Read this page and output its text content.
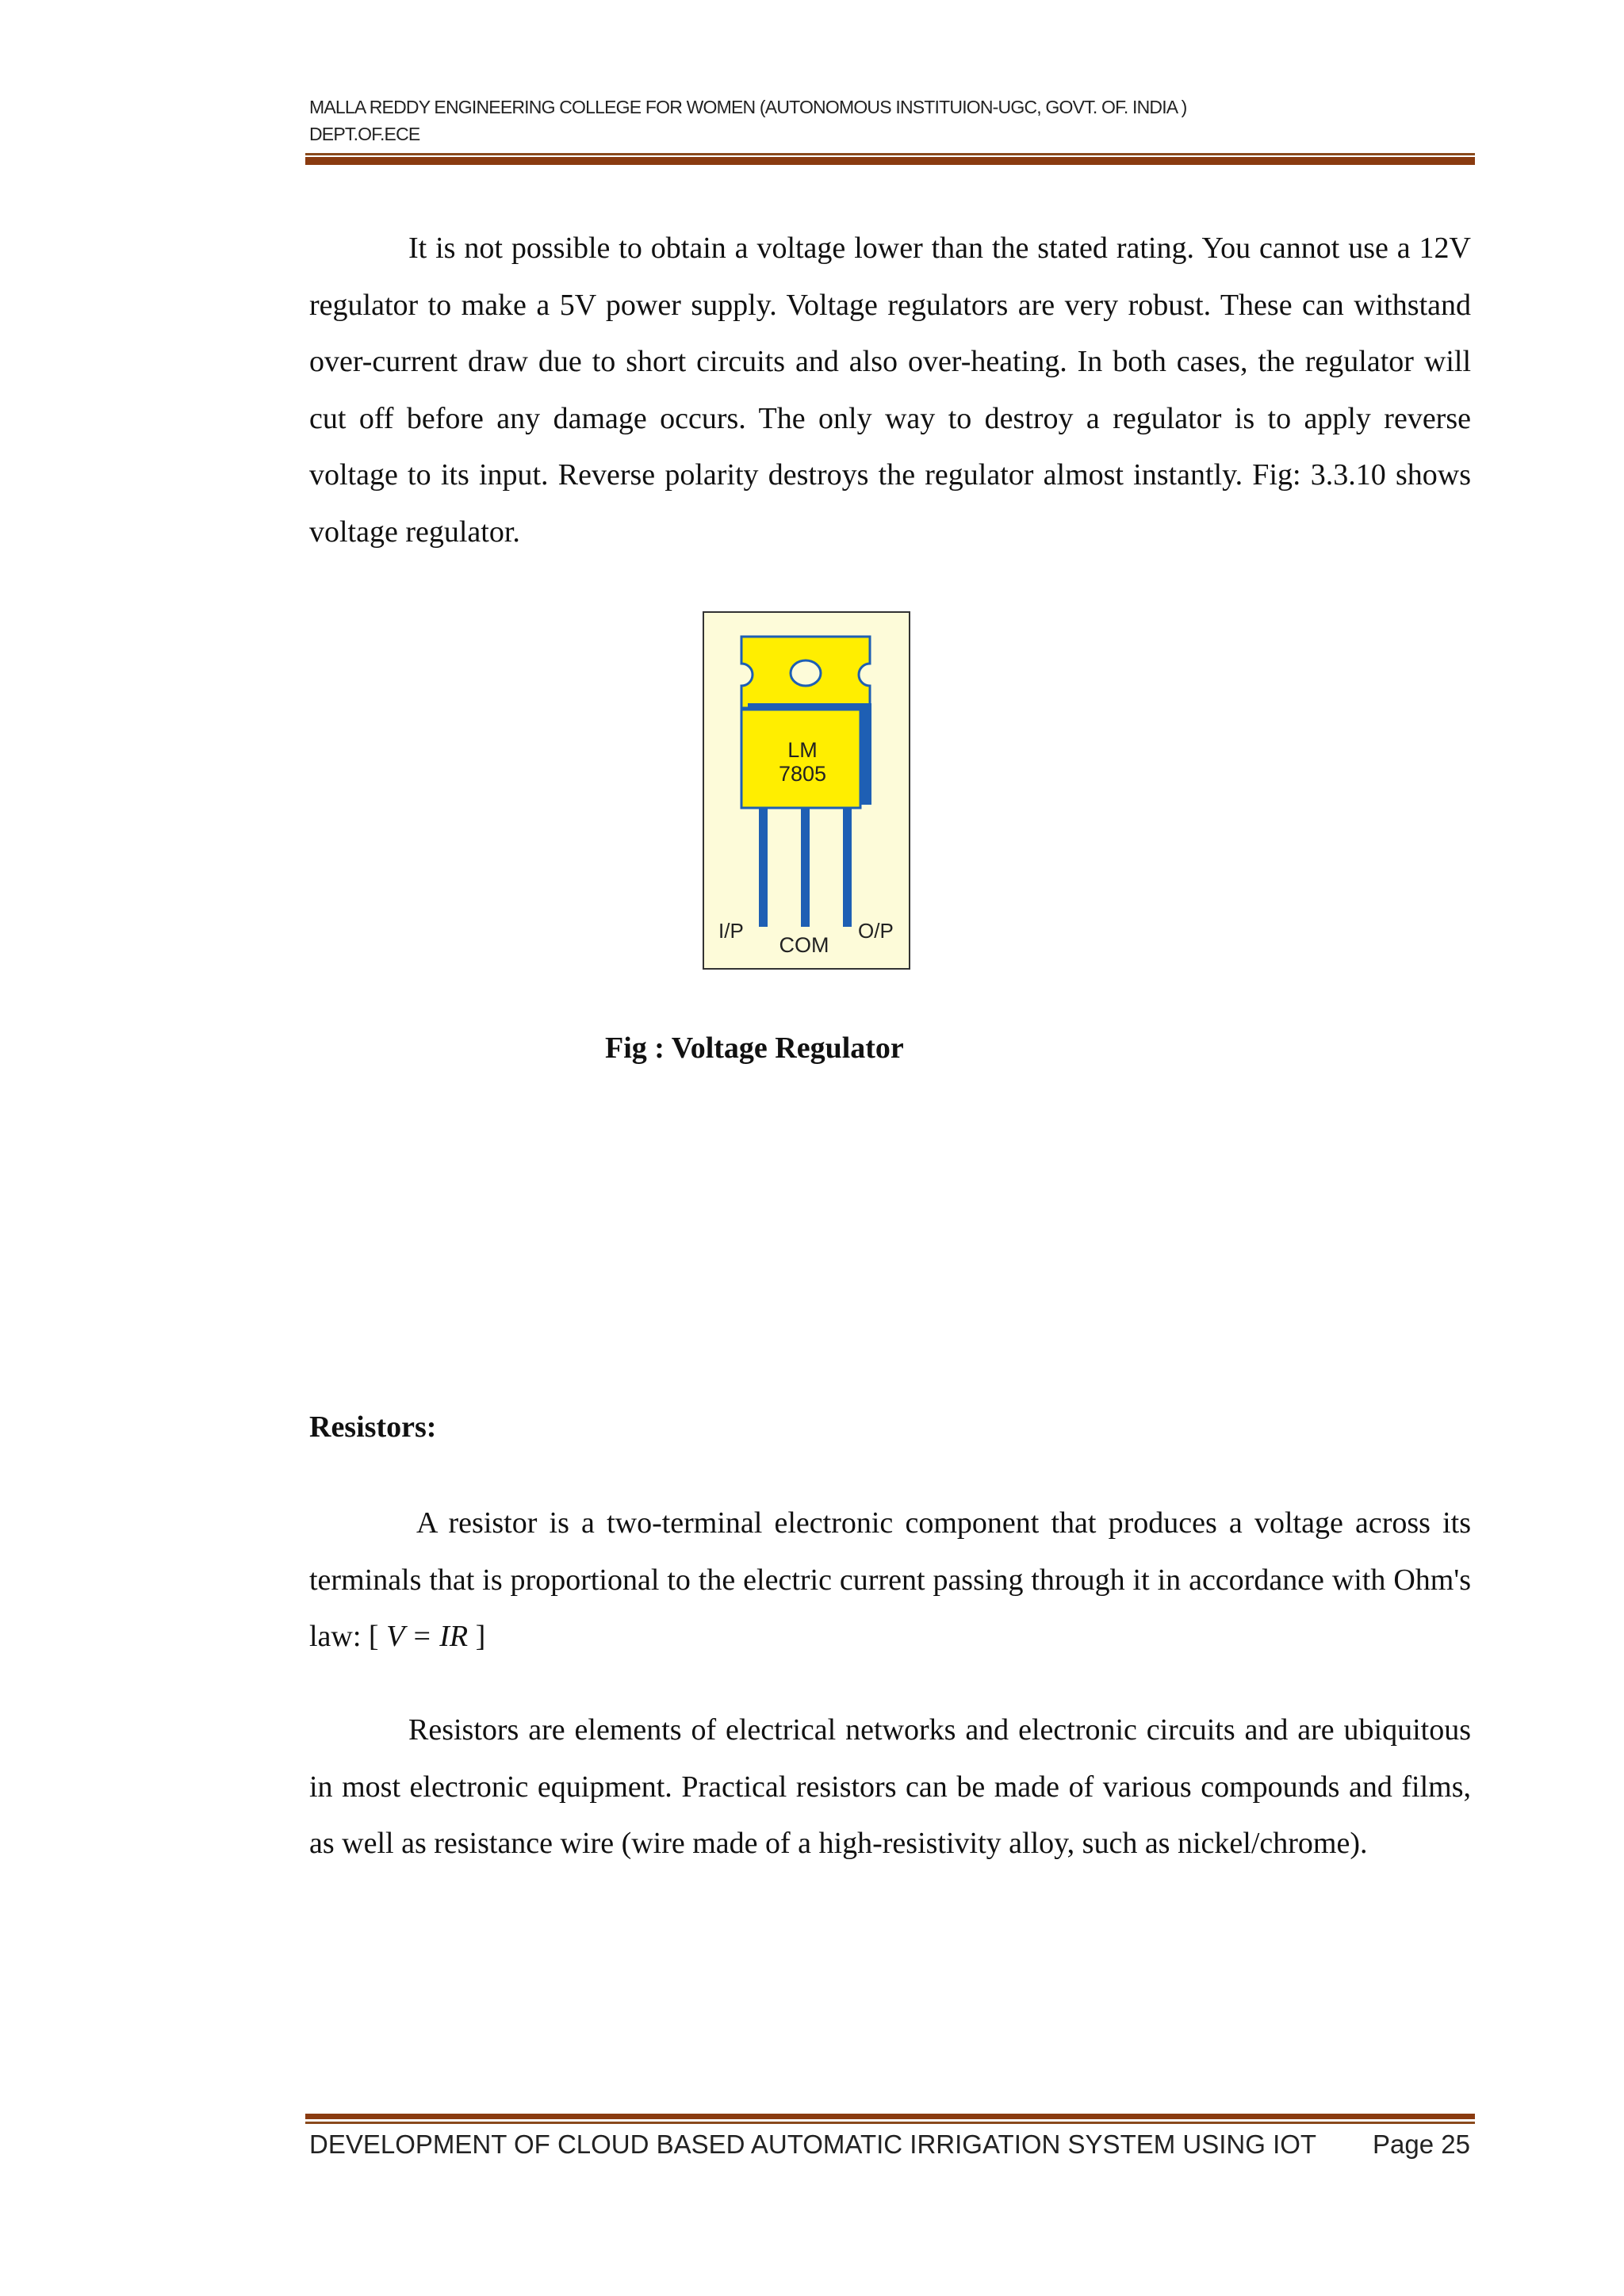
MALLA REDDY ENGINEERING COLLEGE FOR WOMEN (AUTONOMOUS INSTITUION-UGC, GOVT. OF. INDIA )
DEPT.OF.ECE

It is not possible to obtain a voltage lower than the stated rating. You cannot use a 12V regulator to make a 5V power supply. Voltage regulators are very robust. These can withstand over-current draw due to short circuits and also over-heating. In both cases, the regulator will cut off before any damage occurs. The only way to destroy a regulator is to apply reverse voltage to its input. Reverse polarity destroys the regulator almost instantly. Fig: 3.3.10 shows voltage regulator.

LM
7805
I/P
COM
O/P
Fig : Voltage Regulator
Resistors:

A resistor is a two-terminal electronic component that produces a voltage across its terminals that is proportional to the electric current passing through it in accordance with Ohm's law: [ V = IR ]

Resistors are elements of electrical networks and electronic circuits and are ubiquitous in most electronic equipment. Practical resistors can be made of various compounds and films, as well as resistance wire (wire made of a high-resistivity alloy, such as nickel/chrome).

DEVELOPMENT OF CLOUD BASED AUTOMATIC IRRIGATION SYSTEM USING IOT Page 25
